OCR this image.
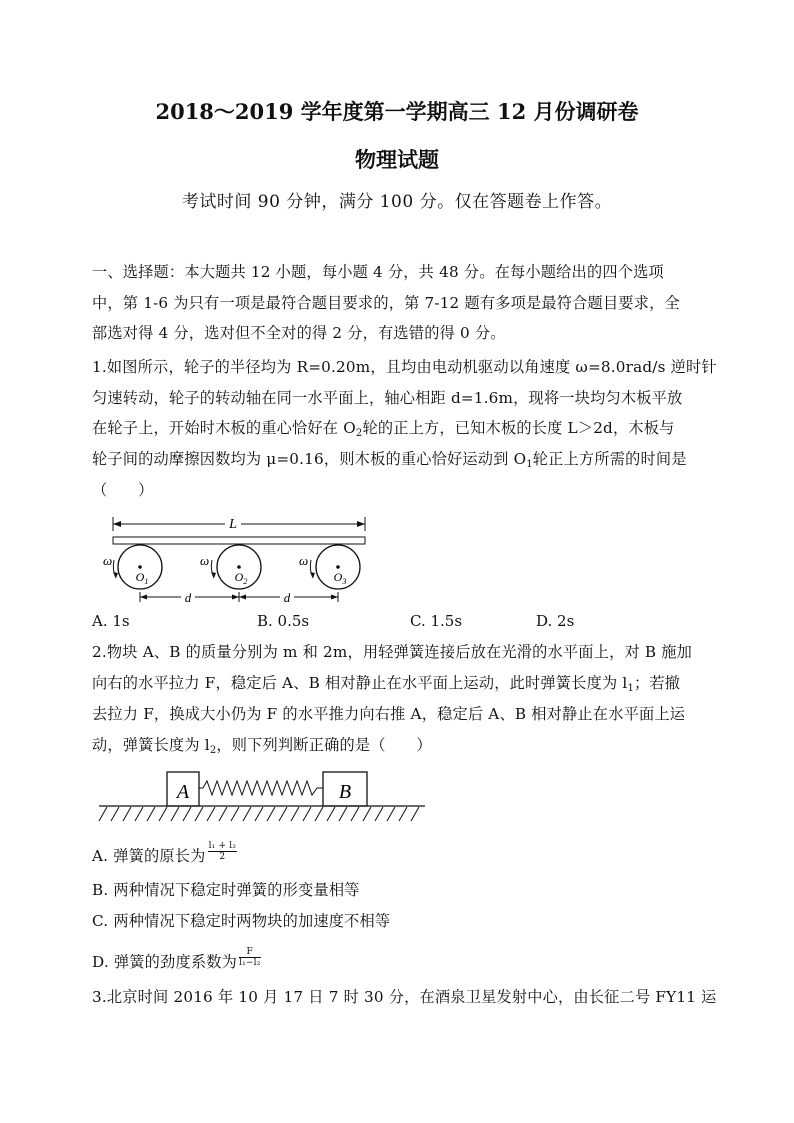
2018～2019 学年度第一学期高三 12 月份调研卷
物理试题
考试时间 90 分钟，满分 100 分。仅在答题卷上作答。
一、选择题：本大题共 12 小题，每小题 4 分，共 48 分。在每小题给出的四个选项
中，第 1-6 为只有一项是最符合题目要求的，第 7-12 题有多项是最符合题目要求，全
部选对得 4 分，选对但不全对的得 2 分，有选错的得 0 分。
1.如图所示，轮子的半径均为 R=0.20m，且均由电动机驱动以角速度 ω=8.0rad/s 逆时针
匀速转动，轮子的转动轴在同一水平面上，轴心相距 d=1.6m，现将一块均匀木板平放
在轮子上，开始时木板的重心恰好在 $O_2$轮的正上方，已知木板的长度 L＞2d，木板与
轮子间的动摩擦因数均为 μ=0.16，则木板的重心恰好运动到 $O_1$轮正上方所需的时间是
（　　）
L
$O_1$	$O_2$	$O_3$
ω	ω	ω
d	d
A. 1s	B. 0.5s	C. 1.5s	D. 2s
2.物块 A、B 的质量分别为 m 和 2m，用轻弹簧连接后放在光滑的水平面上，对 B 施加
向右的水平拉力 F，稳定后 A、B 相对静止在水平面上运动，此时弹簧长度为 $l_1$；若撤
去拉力 F，换成大小仍为 F 的水平推力向右推 A，稳定后 A、B 相对静止在水平面上运
动，弹簧长度为 $l_2$，则下列判断正确的是（　　）
A	B
A. 弹簧的原长为 $\frac{\text{l₁ + l₂}}{2}$
B. 两种情况下稳定时弹簧的形变量相等
C. 两种情况下稳定时两物块的加速度不相等
D. 弹簧的劲度系数为 $\frac{F}{\text{l₁−l₂}}$
3.北京时间 2016 年 10 月 17 日 7 时 30 分，在酒泉卫星发射中心，由长征二号 FY11 运
